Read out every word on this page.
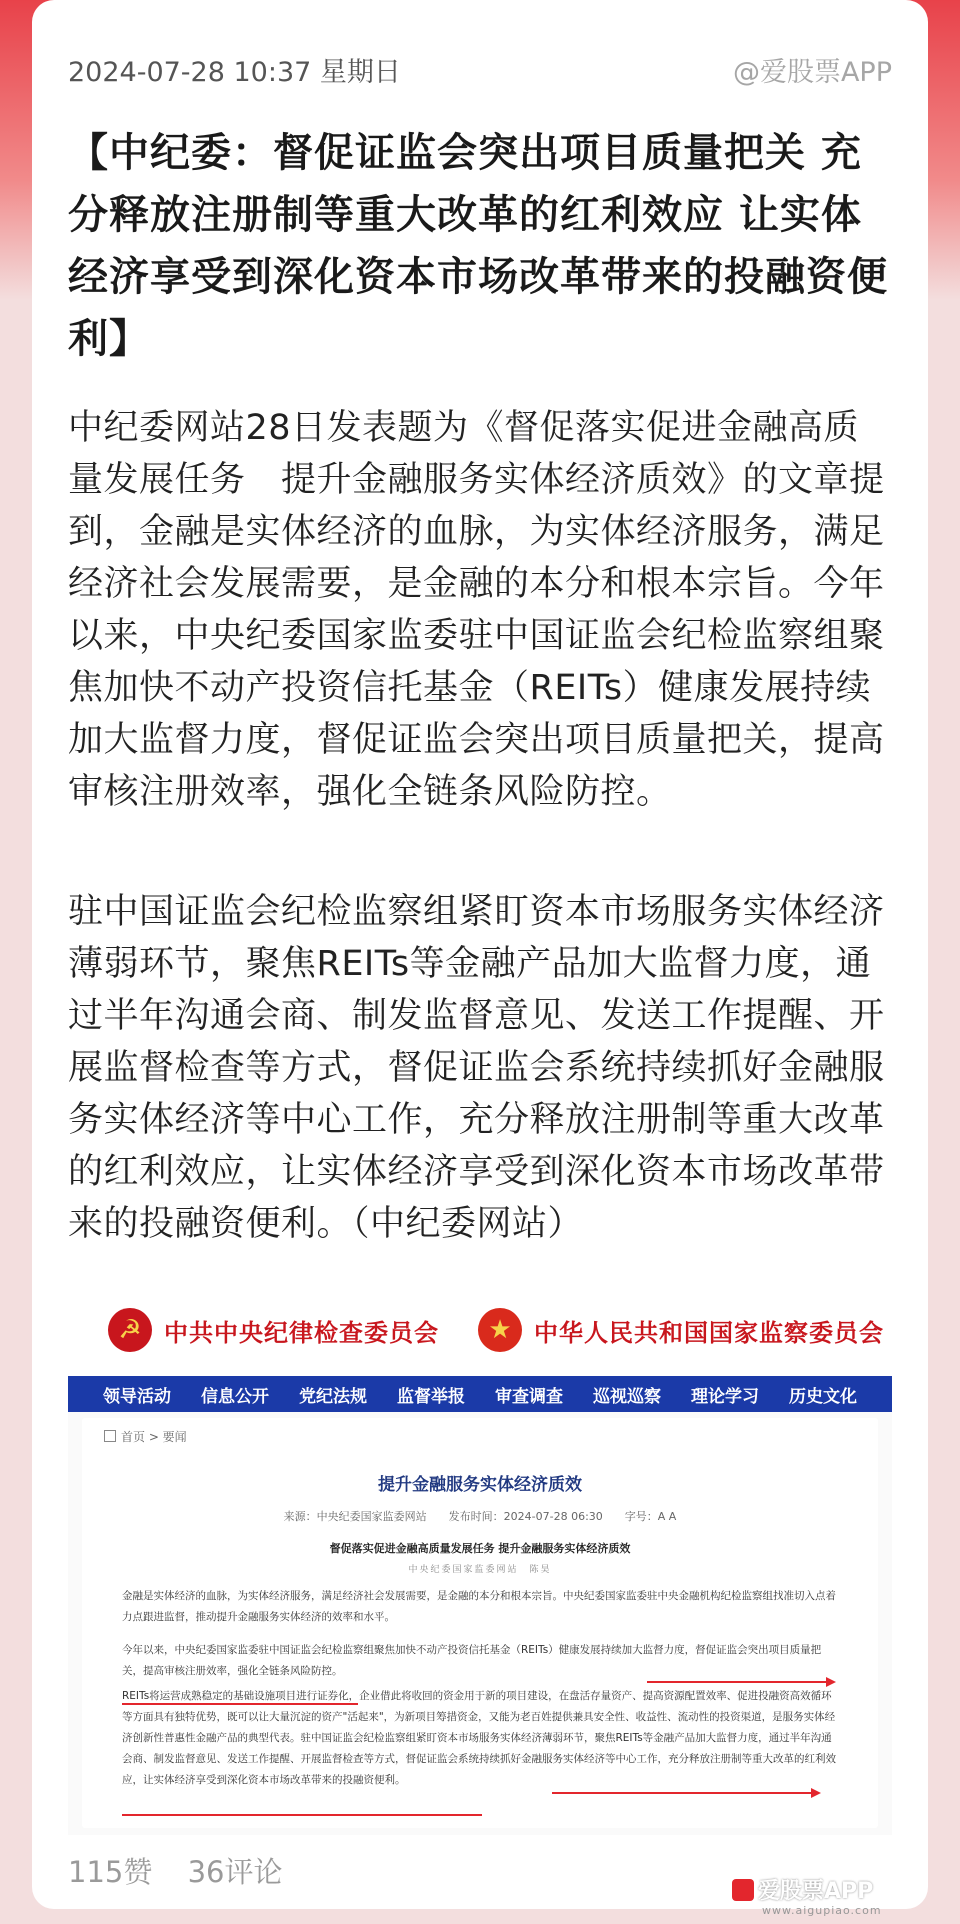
2024-07-28 10:37 星期日	@爱股票APP
【中纪委：督促证监会突出项目质量把关 充分释放注册制等重大改革的红利效应 让实体经济享受到深化资本市场改革带来的投融资便利】
中纪委网站28日发表题为《督促落实促进金融高质量发展任务　提升金融服务实体经济质效》的文章提到，金融是实体经济的血脉，为实体经济服务，满足经济社会发展需要，是金融的本分和根本宗旨。今年以来，中央纪委国家监委驻中国证监会纪检监察组聚焦加快不动产投资信托基金（REITs）健康发展持续加大监督力度，督促证监会突出项目质量把关，提高审核注册效率，强化全链条风险防控。
驻中国证监会纪检监察组紧盯资本市场服务实体经济薄弱环节，聚焦REITs等金融产品加大监督力度，通过半年沟通会商、制发监督意见、发送工作提醒、开展监督检查等方式，督促证监会系统持续抓好金融服务实体经济等中心工作，充分释放注册制等重大改革的红利效应，让实体经济享受到深化资本市场改革带来的投融资便利。（中纪委网站）
☭ 中共中央纪律检查委员会	★ 中华人民共和国国家监察委员会
领导活动 信息公开 党纪法规 监督举报 审查调查 巡视巡察 理论学习 历史文化
首页 > 要闻
提升金融服务实体经济质效
来源：中央纪委国家监委网站　　发布时间：2024-07-28 06:30　　字号：A A
督促落实促进金融高质量发展任务 提升金融服务实体经济质效
中央纪委国家监委网站　陈昊
金融是实体经济的血脉，为实体经济服务，满足经济社会发展需要，是金融的本分和根本宗旨。中央纪委国家监委驻中央金融机构纪检监察组找准切入点着力点跟进监督，推动提升金融服务实体经济的效率和水平。
今年以来，中央纪委国家监委驻中国证监会纪检监察组聚焦加快不动产投资信托基金（REITs）健康发展持续加大监督力度，督促证监会突出项目质量把关，提高审核注册效率，强化全链条风险防控。
REITs将运营成熟稳定的基础设施项目进行证券化，企业借此将收回的资金用于新的项目建设，在盘活存量资产、提高资源配置效率、促进投融资高效循环等方面具有独特优势，既可以让大量沉淀的资产"活起来"，为新项目筹措资金，又能为老百姓提供兼具安全性、收益性、流动性的投资渠道，是服务实体经济创新性普惠性金融产品的典型代表。驻中国证监会纪检监察组紧盯资本市场服务实体经济薄弱环节，聚焦REITs等金融产品加大监督力度，通过半年沟通会商、制发监督意见、发送工作提醒、开展监督检查等方式，督促证监会系统持续抓好金融服务实体经济等中心工作，充分释放注册制等重大改革的红利效应，让实体经济享受到深化资本市场改革带来的投融资便利。
爱股票APP
www.aigupiao.com
115赞 36评论
